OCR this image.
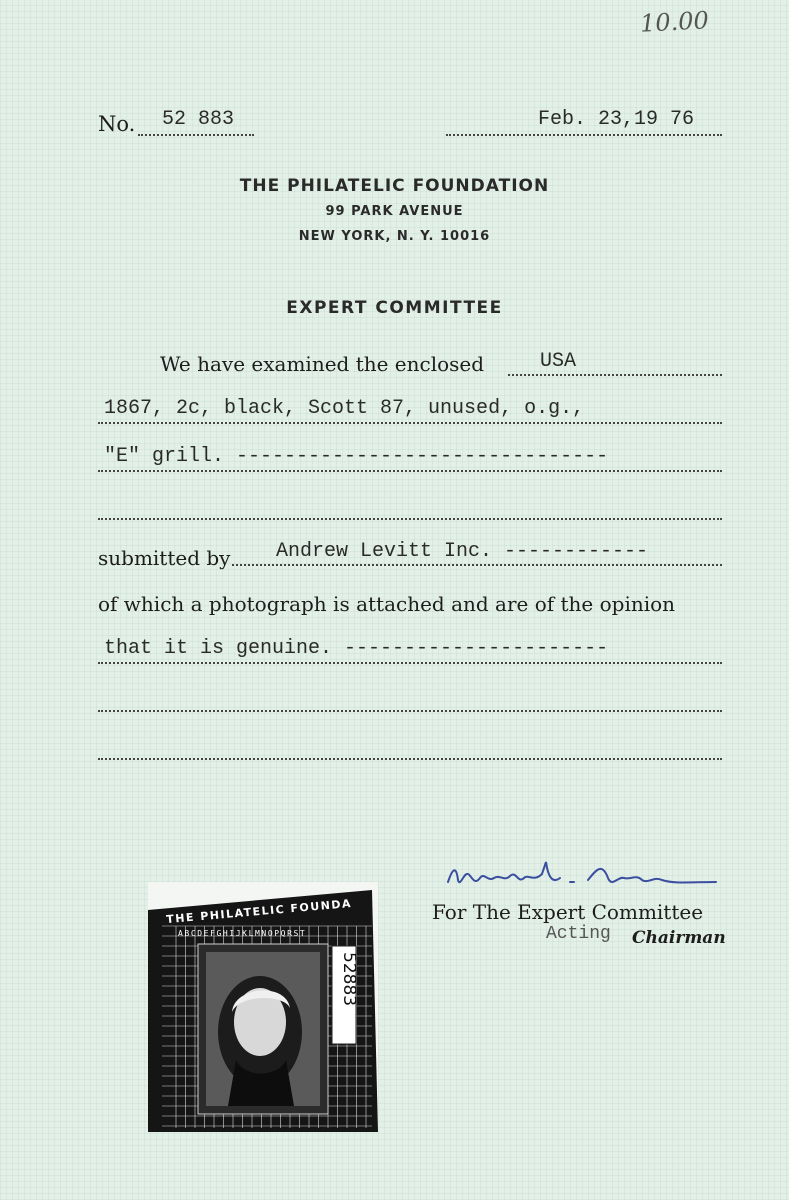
10.00
No. 52 883	Feb. 23,19 76
THE PHILATELIC FOUNDATION
99 PARK AVENUE
NEW YORK, N. Y. 10016
EXPERT COMMITTEE
We have examined the enclosed	USA
1867, 2c, black, Scott 87, unused, o.g.,
"E" grill. -------------------------------
submitted by Andrew Levitt Inc. ------------
of which a photograph is attached and are of the opinion
that it is genuine. ----------------------
For The Expert Committee
Acting Chairman
THE PHILATELIC FOUNDA
ABCDEFGHIJKLMNOPQRST
52883
